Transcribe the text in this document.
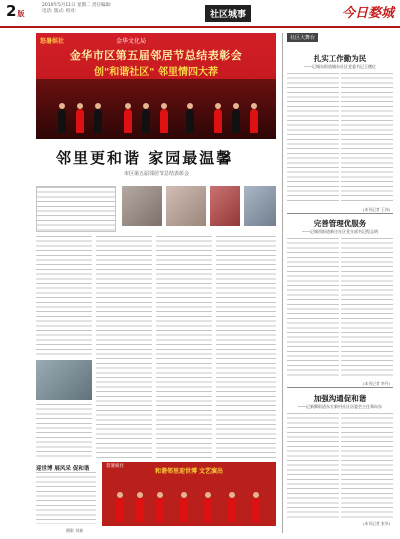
2版
2010年5月11日 星期二 责任编辑:
电话: 版式: 校对:	社区城事	今日婺城
怒暑娱社	金华文化局
金华市区第五届邻居节总结表彰会
创"和谐社区" 邻里情四大荐
邻里更和谐 家园最温馨
市区第五届邻居节总结表彰会
迎世博 展风采 促和谐
摄影 刘新
怒暑娱社
和谐邻里迎世博 文艺演出
社区大舞台
扎实工作勤为民
——记城东街道城东社区党委书记王德亿
(本刊记者 王伟)
完善管理优服务
——记城西街道新庄社区党支部书记程志明
(本刊记者 李丹)
加强沟通促和谐
——记新狮街道东方新村社区居委会主任郑向东
(本刊记者 张华)
